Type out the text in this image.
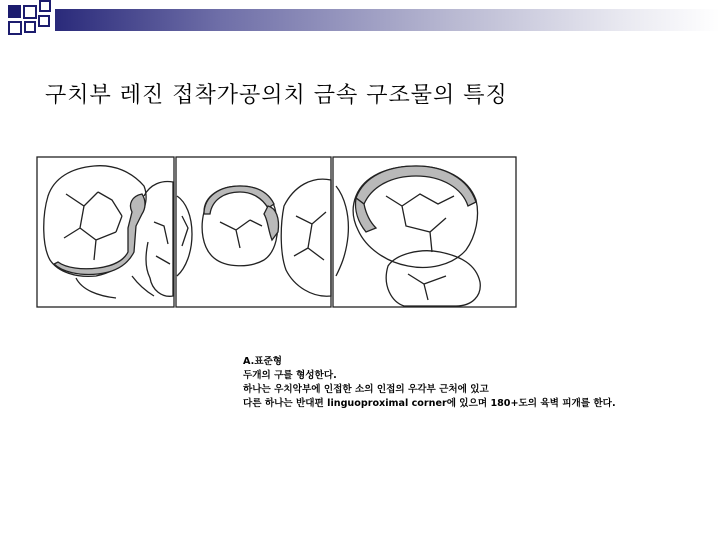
구치부 레진 접착가공의치 금속 구조물의 특징
A.표준형
두개의 구를 형성한다.
하나는 우치악부에 인접한 소의 인접의 우각부 근처에 있고
다른 하나는 반대편 linguoproximal corner에 있으며 180+도의 육벽 피개를 한다.
